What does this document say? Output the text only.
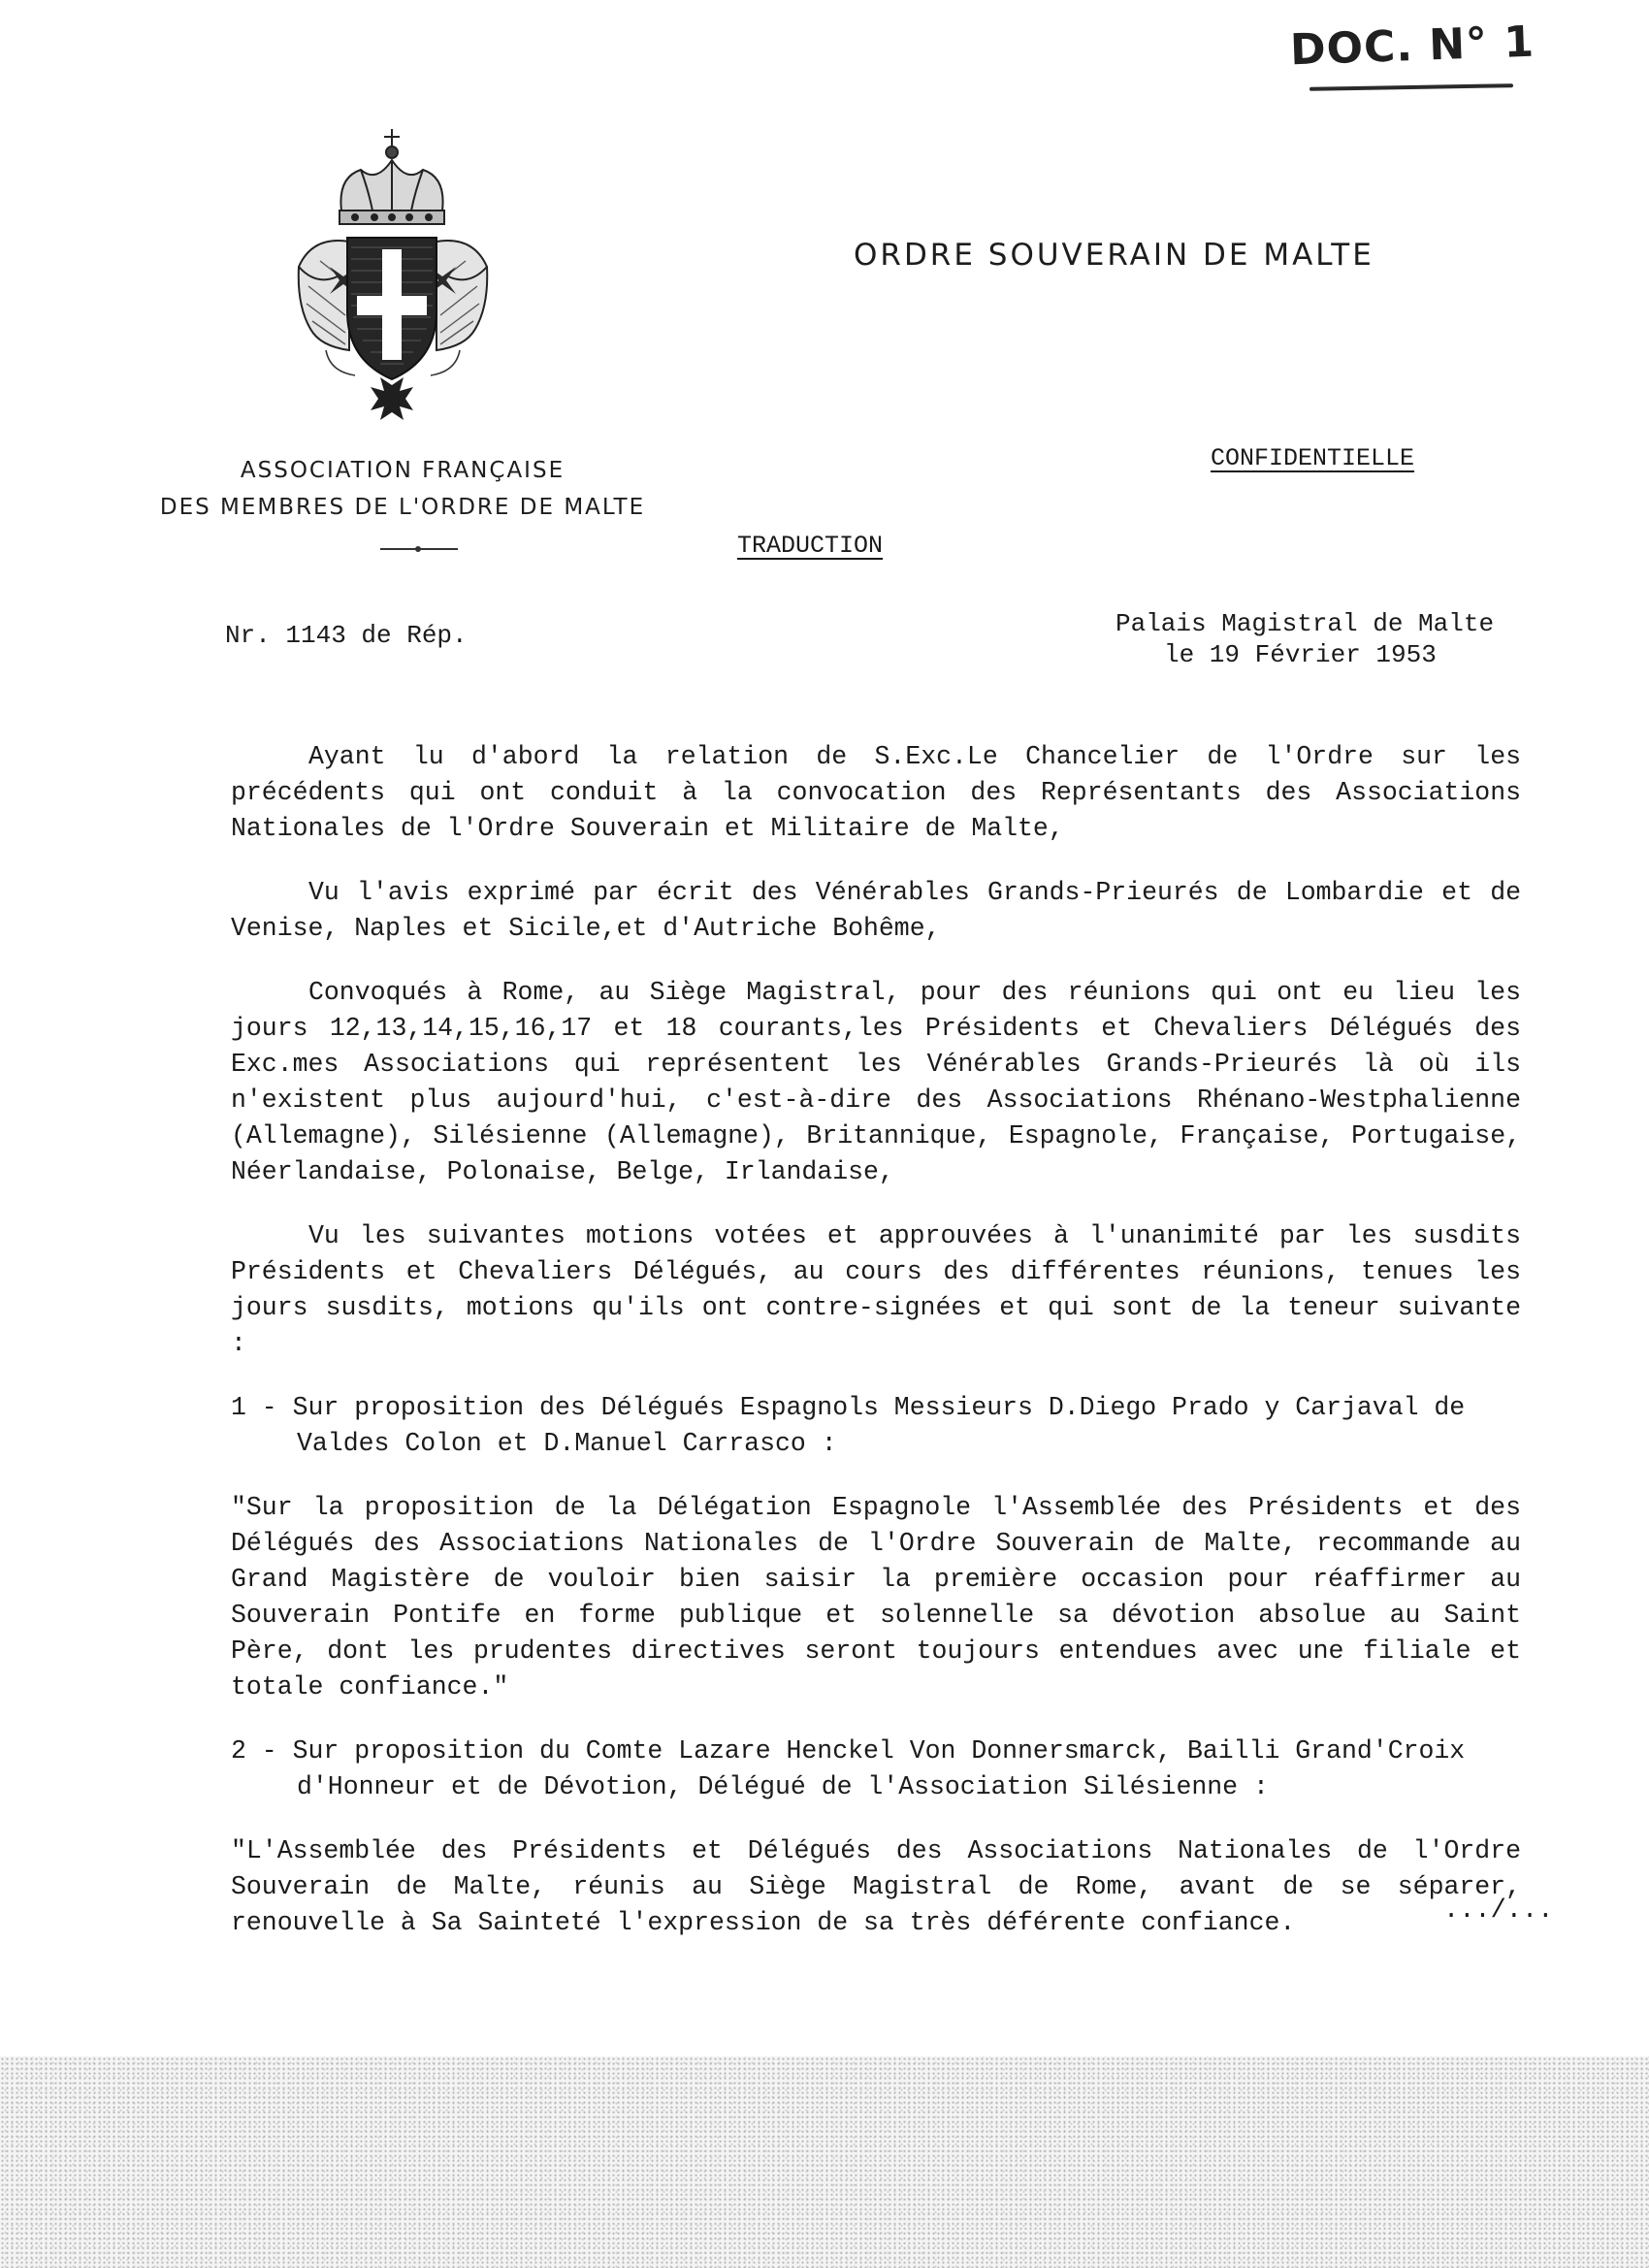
DOC. N° 1
ORDRE SOUVERAIN DE MALTE
ASSOCIATION FRANÇAISE
DES MEMBRES DE L'ORDRE DE MALTE
CONFIDENTIELLE
TRADUCTION
Nr. 1143 de Rép.	Palais Magistral de Malte
le 19 Février 1953

Ayant lu d'abord la relation de S.Exc.Le Chancelier de l'Ordre sur les précédents qui ont conduit à la convocation des Représentants des Associations Nationales de l'Ordre Souverain et Militaire de Malte,

Vu l'avis exprimé par écrit des Vénérables Grands-Prieurés de Lombardie et de Venise, Naples et Sicile,et d'Autriche Bohême,

Convoqués à Rome, au Siège Magistral, pour des réunions qui ont eu lieu les jours 12,13,14,15,16,17 et 18 courants,les Présidents et Chevaliers Délégués des Exc.mes Associations qui représentent les Vénérables Grands-Prieurés là où ils n'existent plus aujourd'hui, c'est-à-dire des Associations Rhénano-Westphalienne (Allemagne), Silésienne (Allemagne), Britannique, Espagnole, Française, Portugaise, Néerlandaise, Polonaise, Belge, Irlandaise,

Vu les suivantes motions votées et approuvées à l'unanimité par les susdits Présidents et Chevaliers Délégués, au cours des différentes réunions, tenues les jours susdits, motions qu'ils ont contre-signées et qui sont de la teneur suivante :

1 - Sur proposition des Délégués Espagnols Messieurs D.Diego Prado y Carjaval de Valdes Colon et D.Manuel Carrasco :
"Sur la proposition de la Délégation Espagnole l'Assemblée des Présidents et des Délégués des Associations Nationales de l'Ordre Souverain de Malte, recommande au Grand Magistère de vouloir bien saisir la première occasion pour réaffirmer au Souverain Pontife en forme publique et solennelle sa dévotion absolue au Saint Père, dont les prudentes directives seront toujours entendues avec une filiale et totale confiance."
2 - Sur proposition du Comte Lazare Henckel Von Donnersmarck, Bailli Grand'Croix d'Honneur et de Dévotion, Délégué de l'Association Silésienne :
"L'Assemblée des Présidents et Délégués des Associations Nationales de l'Ordre Souverain de Malte, réunis au Siège Magistral de Rome, avant de se séparer, renouvelle à Sa Sainteté l'expression de sa très déférente confiance.	.../...
